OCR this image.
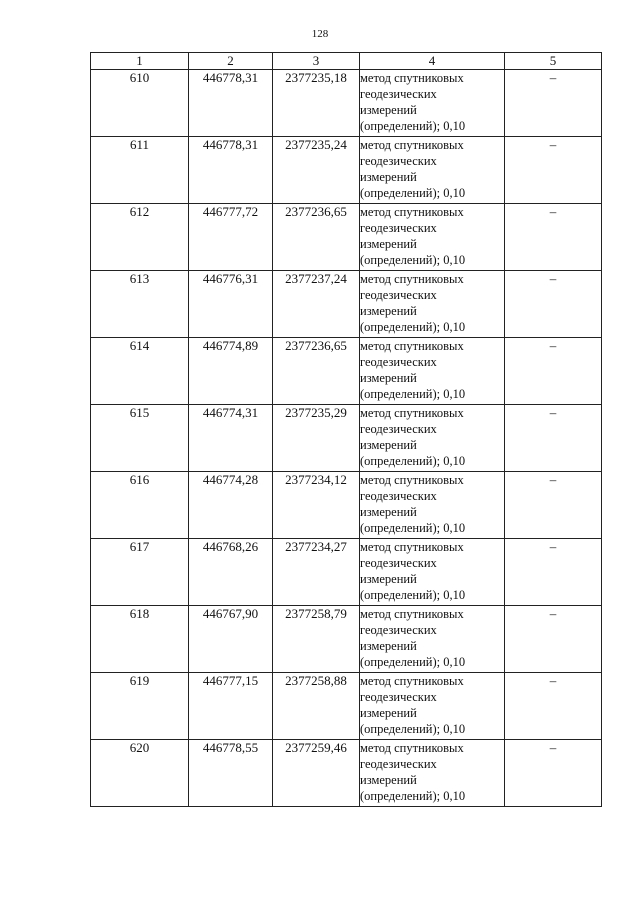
128
1	2	3	4	5
610	446778,31	2377235,18	метод спутниковых
геодезических
измерений
(определений); 0,10	–
611	446778,31	2377235,24	метод спутниковых
геодезических
измерений
(определений); 0,10	–
612	446777,72	2377236,65	метод спутниковых
геодезических
измерений
(определений); 0,10	–
613	446776,31	2377237,24	метод спутниковых
геодезических
измерений
(определений); 0,10	–
614	446774,89	2377236,65	метод спутниковых
геодезических
измерений
(определений); 0,10	–
615	446774,31	2377235,29	метод спутниковых
геодезических
измерений
(определений); 0,10	–
616	446774,28	2377234,12	метод спутниковых
геодезических
измерений
(определений); 0,10	–
617	446768,26	2377234,27	метод спутниковых
геодезических
измерений
(определений); 0,10	–
618	446767,90	2377258,79	метод спутниковых
геодезических
измерений
(определений); 0,10	–
619	446777,15	2377258,88	метод спутниковых
геодезических
измерений
(определений); 0,10	–
620	446778,55	2377259,46	метод спутниковых
геодезических
измерений
(определений); 0,10	–
